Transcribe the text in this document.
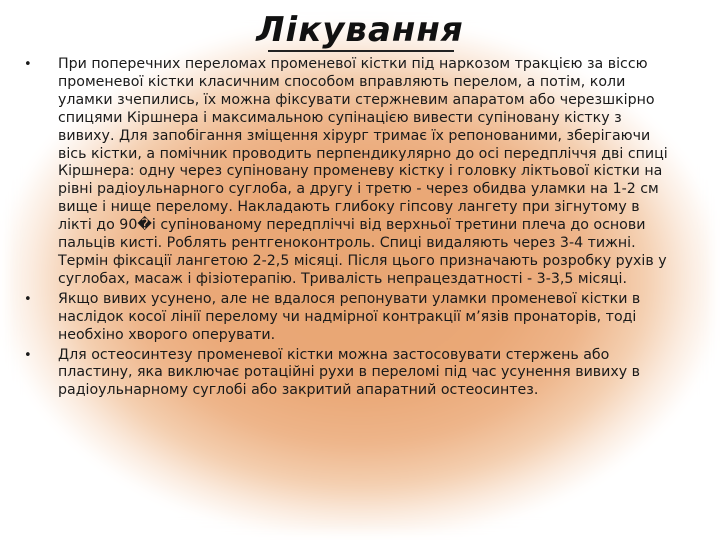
Лікування
• При поперечних переломах променевої кістки під наркозом тракцією за віссю променевої кістки класичним способом вправляють перелом, а потім, коли уламки зчепились, їх можна фіксувати стержневим апаратом або черезшкірно спицями Кіршнера і максимальною супінацією вивести супіновану кістку з вивиху. Для запобігання зміщення хірург тримає їх репонованими, зберігаючи вісь кістки, а помічник проводить перпендикулярно до осі передпліччя дві спиці Кіршнера: одну через супіновану променеву кістку і головку ліктьової кістки на рівні радіоульнарного суглоба, а другу і третю - через обидва уламки на 1-2 см вище і нище перелому. Накладають глибоку гіпсову лангету при зігнутому в лікті до 90�і супінованому передпліччі від верхньої третини плеча до основи пальців кисті. Роблять рентгеноконтроль. Спиці видаляють через 3-4 тижні. Термін фіксації лангетою 2-2,5 місяці. Після цього призначають розробку рухів у суглобах, масаж і фізіотерапію. Тривалість непрацездатності - 3-3,5 місяці.
• Якщо вивих усунено, але не вдалося репонувати уламки променевої кістки в наслідок косої лінії перелому чи надмірної контракції м’язів пронаторів, тоді необхіно хворого оперувати.
• Для остеосинтезу променевої кістки можна застосовувати стержень або пластину, яка виключає ротаційні рухи в переломі під час усунення вивиху в радіоульнарному суглобі або закритий апаратний остеосинтез.
